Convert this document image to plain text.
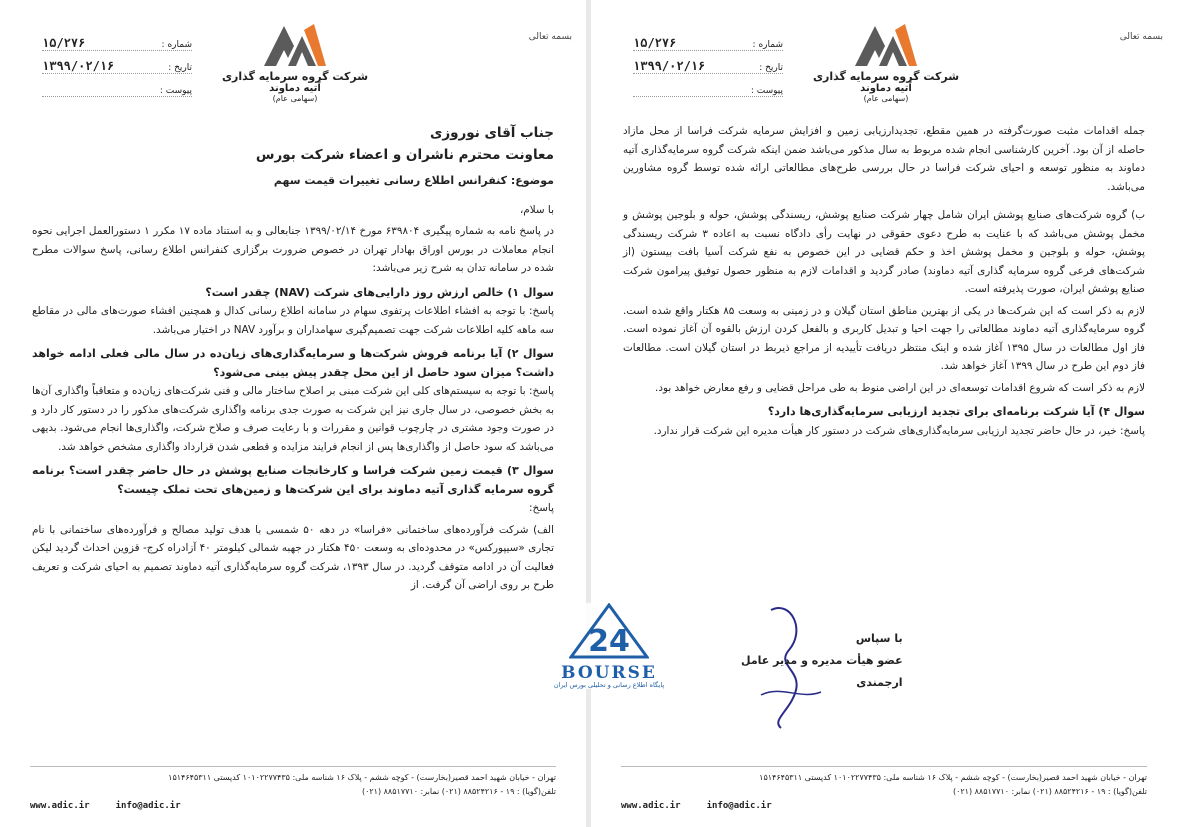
بسمه تعالی
شرکت گروه سرمایه گذاری
آتیه دماوند
(سهامی عام)
شماره :
۱۵/۲۷۶
تاریخ :
۱۳۹۹/۰۲/۱۶
پیوست :
جناب آقای نوروزی
معاونت محترم ناشران و اعضاء شرکت بورس
موضوع: کنفرانس اطلاع رسانی تغییرات قیمت سهم

با سلام،

در پاسخ نامه به شماره پیگیری ۶۳۹۸۰۴ مورخ ۱۳۹۹/۰۲/۱۴ جنابعالی و به استناد ماده ۱۷ مکرر ۱ دستورالعمل اجرایی نحوه انجام معاملات در بورس اوراق بهادار تهران در خصوص ضرورت برگزاری کنفرانس اطلاع رسانی، پاسخ سوالات مطرح شده در سامانه تدان به شرح زیر می‌باشد:

سوال ۱) خالص ارزش روز دارایی‌های شرکت (NAV) چقدر است؟

پاسخ: با توجه به افشاء اطلاعات پرتفوی سهام در سامانه اطلاع رسانی کدال و همچنین افشاء صورت‌های مالی در مقاطع سه ماهه کلیه اطلاعات شرکت جهت تصمیم‌گیری سهامداران و برآورد NAV در اختیار می‌باشد.

سوال ۲) آیا برنامه فروش شرکت‌ها و سرمایه‌گذاری‌های زیان‌ده در سال مالی فعلی ادامه خواهد داشت؟ میزان سود حاصل از این محل چقدر پیش بینی می‌شود؟

پاسخ: با توجه به سیستم‌های کلی این شرکت مبنی بر اصلاح ساختار مالی و فنی شرکت‌های زیان‌ده و متعاقباً واگذاری آن‌ها به بخش خصوصی، در سال جاری نیز این شرکت به صورت جدی برنامه واگذاری شرکت‌های مذکور را در دستور کار دارد و در صورت وجود مشتری در چارچوب قوانین و مقررات و با رعایت صرف و صلاح شرکت، واگذاری‌ها انجام می‌شود. بدیهی می‌باشد که سود حاصل از واگذاری‌ها پس از انجام فرایند مزایده و قطعی شدن قرارداد واگذاری مشخص خواهد شد.

سوال ۳) قیمت زمین شرکت فراسا و کارخانجات صنایع پوشش در حال حاضر چقدر است؟ برنامه گروه سرمایه گذاری آتیه دماوند برای این شرکت‌ها و زمین‌های تحت تملک چیست؟

پاسخ:

الف) شرکت فرآورده‌های ساختمانی «فراسا» در دهه ۵۰ شمسی با هدف تولید مصالح و فرآورده‌های ساختمانی با نام تجاری «سیپورکس» در محدوده‌ای به وسعت ۴۵۰ هکتار در جهبه شمالی کیلومتر ۴۰ آزادراه کرج- قزوین احداث گردید لیکن فعالیت آن در ادامه متوقف گردید. در سال ۱۳۹۳، شرکت گروه سرمایه‌گذاری آتیه دماوند تصمیم به احیای شرکت و تعریف طرح بر روی اراضی آن گرفت. از

تهران - خیابان شهید احمد قصیر(بخارست) - کوچه ششم - پلاک ۱۶ شناسه ملی: ۱۰۱۰۲۲۷۷۴۳۵ کدپستی ۱۵۱۴۶۴۵۳۱۱
تلفن(گویا) : ۱۹ - ۸۸۵۲۴۲۱۶ (۰۲۱) نمابر: ۸۸۵۱۷۷۱۰ (۰۲۱)
www.adic.ir	info@adic.ir
بسمه تعالی
شرکت گروه سرمایه گذاری
آتیه دماوند
(سهامی عام)
شماره :
۱۵/۲۷۶
تاریخ :
۱۳۹۹/۰۲/۱۶
پیوست :

جمله اقدامات مثبت صورت‌گرفته در همین مقطع، تجدیدارزیابی زمین و افزایش سرمایه شرکت فراسا از محل مازاد حاصله از آن بود. آخرین کارشناسی انجام شده مربوط به سال مذکور می‌باشد ضمن اینکه شرکت گروه سرمایه‌گذاری آتیه دماوند به منظور توسعه و احیای شرکت فراسا در حال بررسی طرح‌های مطالعاتی ارائه شده توسط گروه مشاورین می‌باشد.

ب) گروه شرکت‌های صنایع پوشش ایران شامل چهار شرکت صنایع پوشش، ریسندگی پوشش، حوله و بلوجین پوشش و مخمل پوشش می‌باشد که با عنایت به طرح دعوی حقوقی در نهایت رأی دادگاه نسبت به اعاده ۳ شرکت ریسندگی پوشش، حوله و بلوجین و مخمل پوشش اخذ و حکم قضایی در این خصوص به نفع شرکت آسیا بافت بیستون (از شرکت‌های فرعی گروه سرمایه گذاری آتیه دماوند) صادر گردید و اقدامات لازم به منظور حصول توفیق پیرامون شرکت صنایع پوشش ایران، صورت پذیرفته است.

لازم به ذکر است که این شرکت‌ها در یکی از بهترین مناطق استان گیلان و در زمینی به وسعت ۸۵ هکتار واقع شده است. گروه سرمایه‌گذاری آتیه دماوند مطالعاتی را جهت احیا و تبدیل کاربری و بالفعل کردن ارزش بالقوه آن آغاز نموده است. فاز اول مطالعات در سال ۱۳۹۵ آغاز شده و اینک منتظر دریافت تأییدیه از مراجع ذیربط در استان گیلان است. مطالعات فاز دوم این طرح در سال ۱۳۹۹ آغاز خواهد شد.

لازم به ذکر است که شروع اقدامات توسعه‌ای در این اراضی منوط به طی مراحل قضایی و رفع معارض خواهد بود.

سوال ۴) آیا شرکت برنامه‌ای برای تجدید ارزیابی سرمایه‌گذاری‌ها دارد؟

پاسخ: خیر، در حال حاضر تجدید ارزیابی سرمایه‌گذاری‌های شرکت در دستور کار هیأت مدیره این شرکت قرار ندارد.

با سپاس
عضو هیأت مدیره و مدیر عامل
ارجمندی
تهران - خیابان شهید احمد قصیر(بخارست) - کوچه ششم - پلاک ۱۶ شناسه ملی: ۱۰۱۰۲۲۷۷۴۳۵ کدپستی ۱۵۱۴۶۴۵۳۱۱
تلفن(گویا) : ۱۹ - ۸۸۵۲۴۲۱۶ (۰۲۱) نمابر: ۸۸۵۱۷۷۱۰ (۰۲۱)
www.adic.ir	info@adic.ir
24
BOURSE
پایگاه اطلاع رسانی و تحلیلی بورس ایران
